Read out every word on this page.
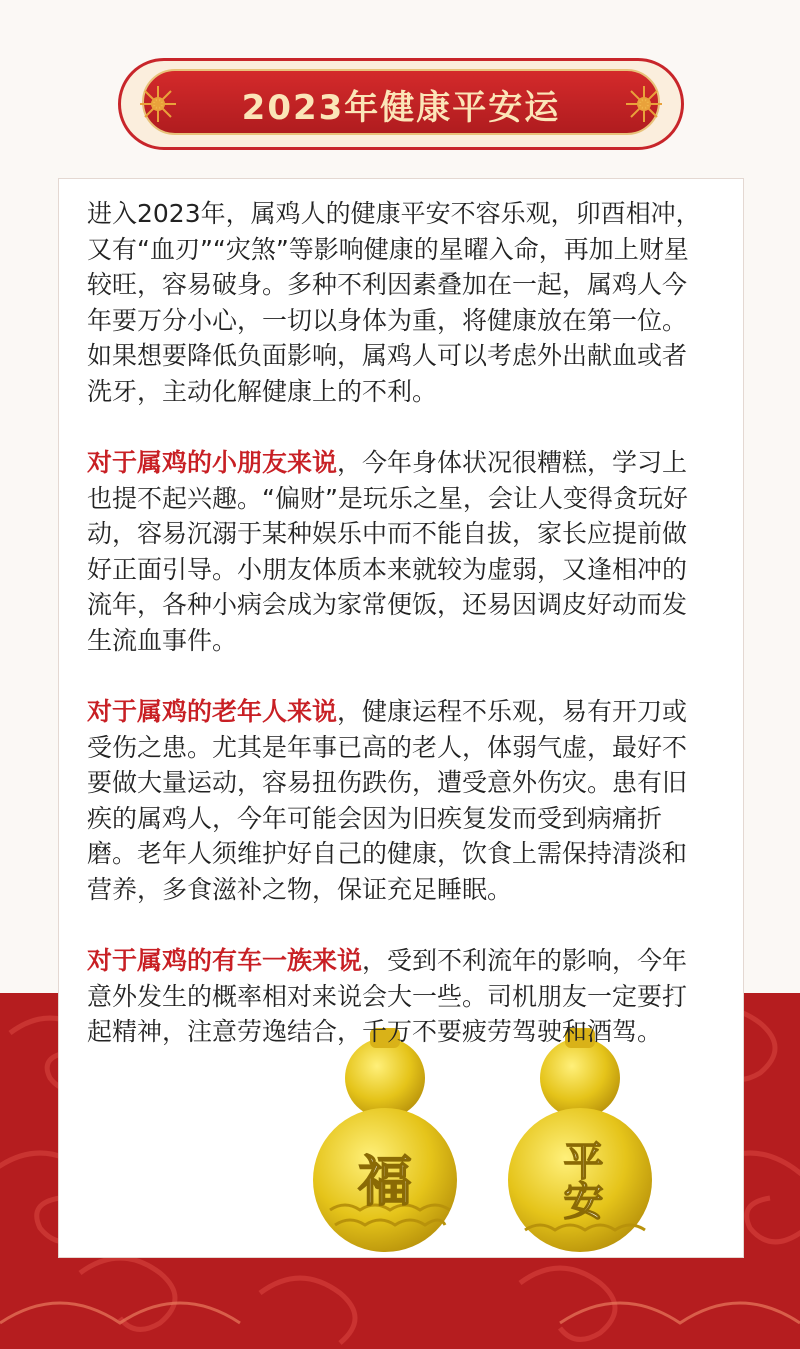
2023年健康平安运
福	平安

进入2023年，属鸡人的健康平安不容乐观，卯酉相冲，又有“血刃”“灾煞”等影响健康的星曜入命，再加上财星较旺，容易破身。多种不利因素叠加在一起，属鸡人今年要万分小心，一切以身体为重，将健康放在第一位。如果想要降低负面影响，属鸡人可以考虑外出献血或者洗牙，主动化解健康上的不利。

对于属鸡的小朋友来说，今年身体状况很糟糕，学习上也提不起兴趣。“偏财”是玩乐之星，会让人变得贪玩好动，容易沉溺于某种娱乐中而不能自拔，家长应提前做好正面引导。小朋友体质本来就较为虚弱，又逢相冲的流年，各种小病会成为家常便饭，还易因调皮好动而发生流血事件。

对于属鸡的老年人来说，健康运程不乐观，易有开刀或受伤之患。尤其是年事已高的老人，体弱气虚，最好不要做大量运动，容易扭伤跌伤，遭受意外伤灾。患有旧疾的属鸡人，今年可能会因为旧疾复发而受到病痛折磨。老年人须维护好自己的健康，饮食上需保持清淡和营养，多食滋补之物，保证充足睡眠。

对于属鸡的有车一族来说，受到不利流年的影响，今年意外发生的概率相对来说会大一些。司机朋友一定要打起精神，注意劳逸结合，千万不要疲劳驾驶和酒驾。
